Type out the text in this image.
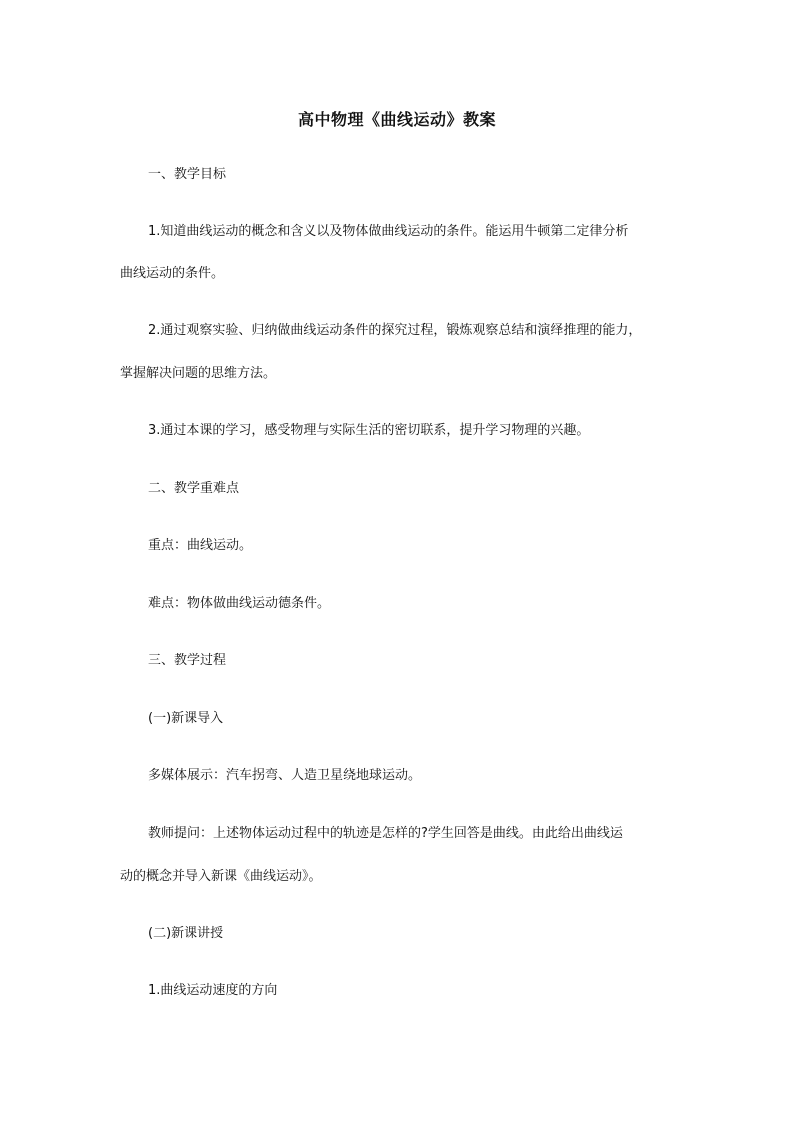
高中物理《曲线运动》教案
一、教学目标
1.知道曲线运动的概念和含义以及物体做曲线运动的条件。能运用牛顿第二定律分析
曲线运动的条件。
2.通过观察实验、归纳做曲线运动条件的探究过程，锻炼观察总结和演绎推理的能力，
掌握解决问题的思维方法。
3.通过本课的学习，感受物理与实际生活的密切联系，提升学习物理的兴趣。
二、教学重难点
重点：曲线运动。
难点：物体做曲线运动德条件。
三、教学过程
(一)新课导入
多媒体展示：汽车拐弯、人造卫星绕地球运动。
教师提问：上述物体运动过程中的轨迹是怎样的?学生回答是曲线。由此给出曲线运
动的概念并导入新课《曲线运动》。
(二)新课讲授
1.曲线运动速度的方向
